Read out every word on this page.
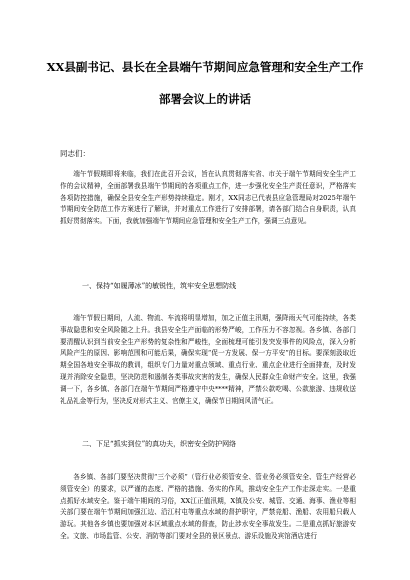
XX县副书记、县长在全县端午节期间应急管理和安全生产工作
部署会议上的讲话
同志们：

端午节假期即将来临，我们在此召开会议，旨在认真贯彻落实省、市关于端午节期间安全生产工作的会议精神，全面部署我县端午节期间的各项重点工作，进一步强化安全生产责任意识，严格落实各项防控措施，确保全县安全生产形势持续稳定。刚才，XX同志已代表县应急管理局对2025年端午节期间安全防范工作方案进行了解读，并对重点工作进行了安排部署，请各部门结合自身职责，认真抓好贯彻落实。下面，我就加强端午节期间应急管理和安全生产工作，强调三点意见。

一、保持“如履薄冰”的敏锐性，筑牢安全思想防线

端午节假日期间，人流、物流、车流将明显增加，加之正值主汛期，强降雨天气可能持续，各类事故隐患和安全风险随之上升。我县安全生产面临的形势严峻，工作压力不容忽视。各乡镇、各部门要清醒认识到当前安全生产形势的复杂性和严峻性，全面梳理可能引发突发事件的风险点，深入分析风险产生的原因、影响范围和可能后果，确保实现“促一方发展、保一方平安”的目标。要深刻汲取近期全国各地安全事故的教训，组织专门力量对重点领域、重点行业、重点企业进行全面排查，及时发现并消除安全隐患，坚决防范和遏制各类事故灾害的发生，确保人民群众生命财产安全。这里，我强调一下，各乡镇、各部门在端午节期间严格遵守中央****精神，严禁公款吃喝、公款旅游、违规收送礼品礼金等行为，坚决反对形式主义、官僚主义，确保节日期间风清气正。

二、下足“抓实到位”的真功夫，织密安全防护网络

各乡镇、各部门要坚决贯彻“三个必须”（管行业必须管安全、管业务必须管安全、管生产经营必须管安全）的要求，以严谨的态度、严格的措施、务实的作风，推动安全生产工作走深走实。一是重点抓好水域安全。鉴于端午期间的习俗，XX江正值汛期，X镇及公安、城管、交通、海事、渔业等相关部门要在端午节期间加强江边、沿江村屯等重点水域的督护职守，严禁竞船、渔船、农用船只载人游玩。其他各乡镇也要加强对本区域重点水域的督查，防止涉水安全事故发生。二是重点抓好旅游安全。文旅、市场监管、公安、消防等部门要对全县的景区景点、游乐设施及宾馆酒店进行
